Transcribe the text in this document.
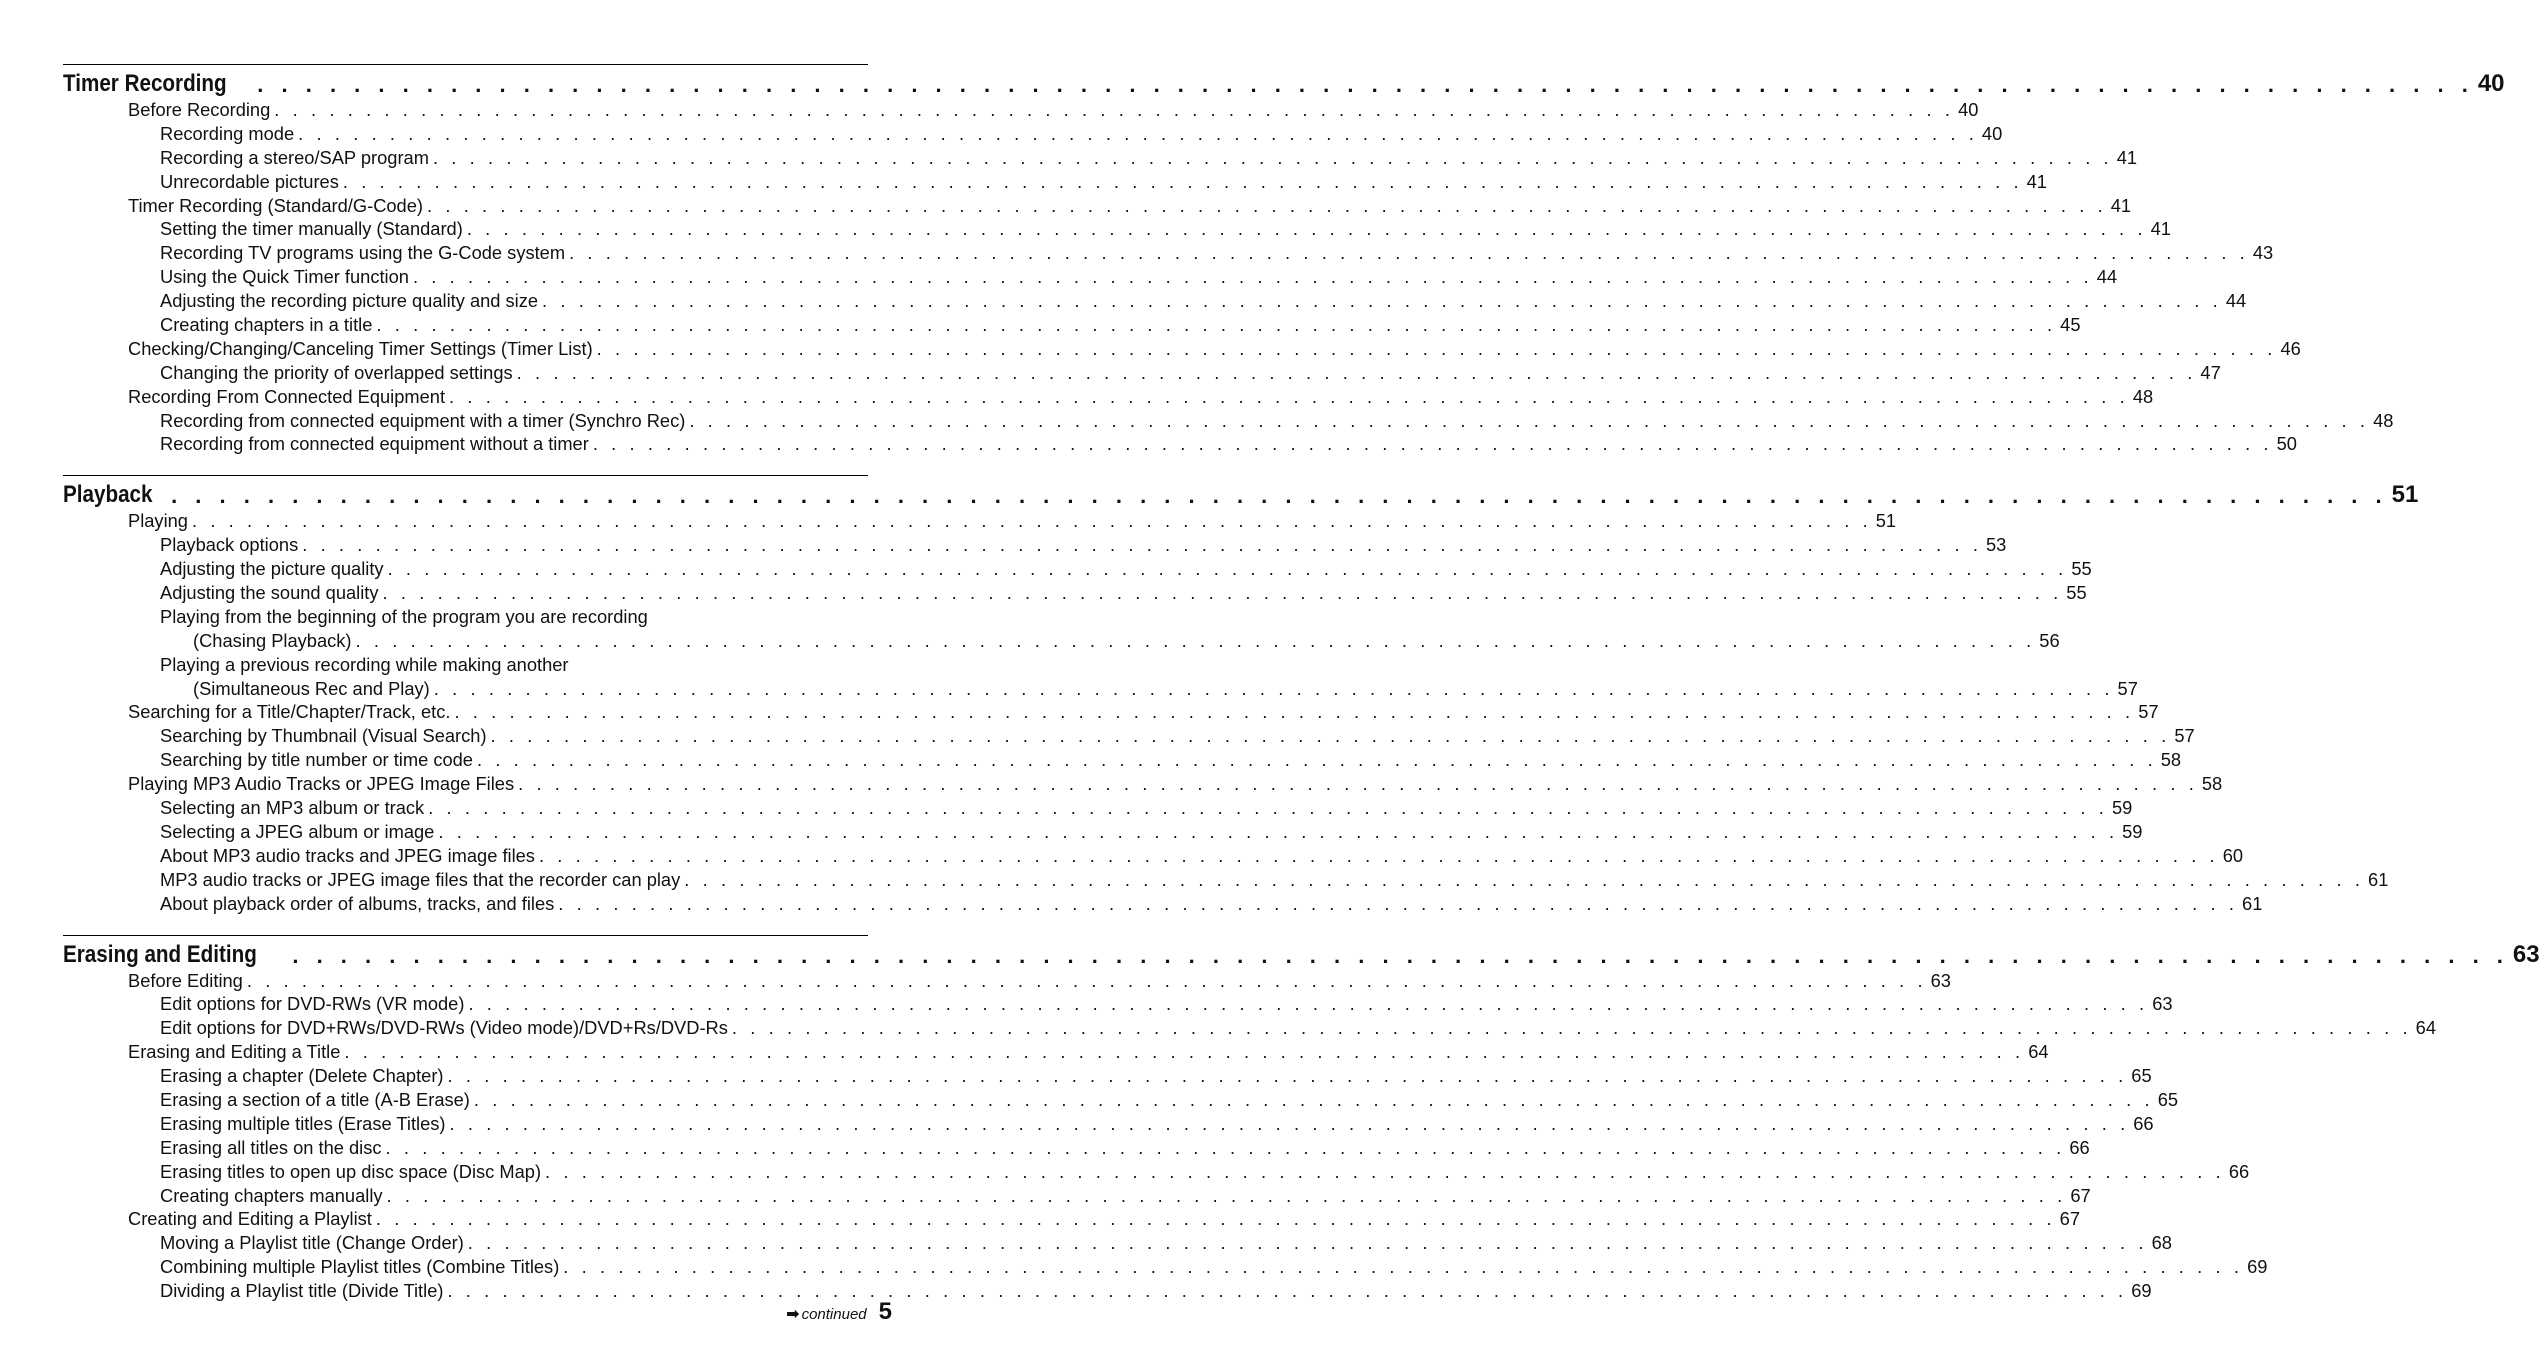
Timer Recording . . . . . . . . . . . . . . . . . . . . . . . . . . . . . . . . . . . . . . . . . . . . . . . . . . . . . . . . . . . . . . . . . . . . . . . . . . . . . . . . . . . . . . . . . . . . 40
Before Recording . . . . . . . . . . . . . . . . . . . . . . . . . . . . . . . . . . . . . . . . . . . . . . . . . . . . . . . . . . . . . . . . . . . . . . . . . . . . . . . . . . . . . . . . . . . . 40
Recording mode . . . . . . . . . . . . . . . . . . . . . . . . . . . . . . . . . . . . . . . . . . . . . . . . . . . . . . . . . . . . . . . . . . . . . . . . . . . . . . . . . . . . . . . . . . . . 40
Recording a stereo/SAP program . . . . . . . . . . . . . . . . . . . . . . . . . . . . . . . . . . . . . . . . . . . . . . . . . . . . . . . . . . . . . . . . . . . . . . . . . . . . . . . . . . . . . . . . . . . . 41
Unrecordable pictures . . . . . . . . . . . . . . . . . . . . . . . . . . . . . . . . . . . . . . . . . . . . . . . . . . . . . . . . . . . . . . . . . . . . . . . . . . . . . . . . . . . . . . . . . . . . 41
Timer Recording (Standard/G-Code) . . . . . . . . . . . . . . . . . . . . . . . . . . . . . . . . . . . . . . . . . . . . . . . . . . . . . . . . . . . . . . . . . . . . . . . . . . . . . . . . . . . . . . . . . . . . 41
Setting the timer manually (Standard) . . . . . . . . . . . . . . . . . . . . . . . . . . . . . . . . . . . . . . . . . . . . . . . . . . . . . . . . . . . . . . . . . . . . . . . . . . . . . . . . . . . . . . . . . . . . 41
Recording TV programs using the G-Code system . . . . . . . . . . . . . . . . . . . . . . . . . . . . . . . . . . . . . . . . . . . . . . . . . . . . . . . . . . . . . . . . . . . . . . . . . . . . . . . . . . . . . . . . . . . . 43
Using the Quick Timer function . . . . . . . . . . . . . . . . . . . . . . . . . . . . . . . . . . . . . . . . . . . . . . . . . . . . . . . . . . . . . . . . . . . . . . . . . . . . . . . . . . . . . . . . . . . . 44
Adjusting the recording picture quality and size . . . . . . . . . . . . . . . . . . . . . . . . . . . . . . . . . . . . . . . . . . . . . . . . . . . . . . . . . . . . . . . . . . . . . . . . . . . . . . . . . . . . . . . . . . . . 44
Creating chapters in a title . . . . . . . . . . . . . . . . . . . . . . . . . . . . . . . . . . . . . . . . . . . . . . . . . . . . . . . . . . . . . . . . . . . . . . . . . . . . . . . . . . . . . . . . . . . . 45
Checking/Changing/Canceling Timer Settings (Timer List) . . . . . . . . . . . . . . . . . . . . . . . . . . . . . . . . . . . . . . . . . . . . . . . . . . . . . . . . . . . . . . . . . . . . . . . . . . . . . . . . . . . . . . . . . . . . 46
Changing the priority of overlapped settings . . . . . . . . . . . . . . . . . . . . . . . . . . . . . . . . . . . . . . . . . . . . . . . . . . . . . . . . . . . . . . . . . . . . . . . . . . . . . . . . . . . . . . . . . . . . 47
Recording From Connected Equipment . . . . . . . . . . . . . . . . . . . . . . . . . . . . . . . . . . . . . . . . . . . . . . . . . . . . . . . . . . . . . . . . . . . . . . . . . . . . . . . . . . . . . . . . . . . . 48
Recording from connected equipment with a timer (Synchro Rec) . . . . . . . . . . . . . . . . . . . . . . . . . . . . . . . . . . . . . . . . . . . . . . . . . . . . . . . . . . . . . . . . . . . . . . . . . . . . . . . . . . . . . . . . . . . . 48
Recording from connected equipment without a timer . . . . . . . . . . . . . . . . . . . . . . . . . . . . . . . . . . . . . . . . . . . . . . . . . . . . . . . . . . . . . . . . . . . . . . . . . . . . . . . . . . . . . . . . . . . . 50
Playback . . . . . . . . . . . . . . . . . . . . . . . . . . . . . . . . . . . . . . . . . . . . . . . . . . . . . . . . . . . . . . . . . . . . . . . . . . . . . . . . . . . . . . . . . . . . 51
Playing . . . . . . . . . . . . . . . . . . . . . . . . . . . . . . . . . . . . . . . . . . . . . . . . . . . . . . . . . . . . . . . . . . . . . . . . . . . . . . . . . . . . . . . . . . . . 51
Playback options . . . . . . . . . . . . . . . . . . . . . . . . . . . . . . . . . . . . . . . . . . . . . . . . . . . . . . . . . . . . . . . . . . . . . . . . . . . . . . . . . . . . . . . . . . . . 53
Adjusting the picture quality . . . . . . . . . . . . . . . . . . . . . . . . . . . . . . . . . . . . . . . . . . . . . . . . . . . . . . . . . . . . . . . . . . . . . . . . . . . . . . . . . . . . . . . . . . . . 55
Adjusting the sound quality . . . . . . . . . . . . . . . . . . . . . . . . . . . . . . . . . . . . . . . . . . . . . . . . . . . . . . . . . . . . . . . . . . . . . . . . . . . . . . . . . . . . . . . . . . . . 55
Playing from the beginning of the program you are recording
(Chasing Playback) . . . . . . . . . . . . . . . . . . . . . . . . . . . . . . . . . . . . . . . . . . . . . . . . . . . . . . . . . . . . . . . . . . . . . . . . . . . . . . . . . . . . . . . . . . . . 56
Playing a previous recording while making another
(Simultaneous Rec and Play) . . . . . . . . . . . . . . . . . . . . . . . . . . . . . . . . . . . . . . . . . . . . . . . . . . . . . . . . . . . . . . . . . . . . . . . . . . . . . . . . . . . . . . . . . . . . 57
Searching for a Title/Chapter/Track, etc. . . . . . . . . . . . . . . . . . . . . . . . . . . . . . . . . . . . . . . . . . . . . . . . . . . . . . . . . . . . . . . . . . . . . . . . . . . . . . . . . . . . . . . . . . . . . 57
Searching by Thumbnail (Visual Search) . . . . . . . . . . . . . . . . . . . . . . . . . . . . . . . . . . . . . . . . . . . . . . . . . . . . . . . . . . . . . . . . . . . . . . . . . . . . . . . . . . . . . . . . . . . . 57
Searching by title number or time code . . . . . . . . . . . . . . . . . . . . . . . . . . . . . . . . . . . . . . . . . . . . . . . . . . . . . . . . . . . . . . . . . . . . . . . . . . . . . . . . . . . . . . . . . . . . 58
Playing MP3 Audio Tracks or JPEG Image Files . . . . . . . . . . . . . . . . . . . . . . . . . . . . . . . . . . . . . . . . . . . . . . . . . . . . . . . . . . . . . . . . . . . . . . . . . . . . . . . . . . . . . . . . . . . . 58
Selecting an MP3 album or track . . . . . . . . . . . . . . . . . . . . . . . . . . . . . . . . . . . . . . . . . . . . . . . . . . . . . . . . . . . . . . . . . . . . . . . . . . . . . . . . . . . . . . . . . . . . 59
Selecting a JPEG album or image . . . . . . . . . . . . . . . . . . . . . . . . . . . . . . . . . . . . . . . . . . . . . . . . . . . . . . . . . . . . . . . . . . . . . . . . . . . . . . . . . . . . . . . . . . . . 59
About MP3 audio tracks and JPEG image files . . . . . . . . . . . . . . . . . . . . . . . . . . . . . . . . . . . . . . . . . . . . . . . . . . . . . . . . . . . . . . . . . . . . . . . . . . . . . . . . . . . . . . . . . . . . 60
MP3 audio tracks or JPEG image files that the recorder can play . . . . . . . . . . . . . . . . . . . . . . . . . . . . . . . . . . . . . . . . . . . . . . . . . . . . . . . . . . . . . . . . . . . . . . . . . . . . . . . . . . . . . . . . . . . . 61
About playback order of albums, tracks, and files . . . . . . . . . . . . . . . . . . . . . . . . . . . . . . . . . . . . . . . . . . . . . . . . . . . . . . . . . . . . . . . . . . . . . . . . . . . . . . . . . . . . . . . . . . . . 61
Erasing and Editing . . . . . . . . . . . . . . . . . . . . . . . . . . . . . . . . . . . . . . . . . . . . . . . . . . . . . . . . . . . . . . . . . . . . . . . . . . . . . . . . . . . . . . . . . . . . 63
Before Editing . . . . . . . . . . . . . . . . . . . . . . . . . . . . . . . . . . . . . . . . . . . . . . . . . . . . . . . . . . . . . . . . . . . . . . . . . . . . . . . . . . . . . . . . . . . . 63
Edit options for DVD-RWs (VR mode) . . . . . . . . . . . . . . . . . . . . . . . . . . . . . . . . . . . . . . . . . . . . . . . . . . . . . . . . . . . . . . . . . . . . . . . . . . . . . . . . . . . . . . . . . . . . 63
Edit options for DVD+RWs/DVD-RWs (Video mode)/DVD+Rs/DVD-Rs . . . . . . . . . . . . . . . . . . . . . . . . . . . . . . . . . . . . . . . . . . . . . . . . . . . . . . . . . . . . . . . . . . . . . . . . . . . . . . . . . . . . . . . . . . . . 64
Erasing and Editing a Title . . . . . . . . . . . . . . . . . . . . . . . . . . . . . . . . . . . . . . . . . . . . . . . . . . . . . . . . . . . . . . . . . . . . . . . . . . . . . . . . . . . . . . . . . . . . 64
Erasing a chapter (Delete Chapter) . . . . . . . . . . . . . . . . . . . . . . . . . . . . . . . . . . . . . . . . . . . . . . . . . . . . . . . . . . . . . . . . . . . . . . . . . . . . . . . . . . . . . . . . . . . . 65
Erasing a section of a title (A-B Erase) . . . . . . . . . . . . . . . . . . . . . . . . . . . . . . . . . . . . . . . . . . . . . . . . . . . . . . . . . . . . . . . . . . . . . . . . . . . . . . . . . . . . . . . . . . . . 65
Erasing multiple titles (Erase Titles) . . . . . . . . . . . . . . . . . . . . . . . . . . . . . . . . . . . . . . . . . . . . . . . . . . . . . . . . . . . . . . . . . . . . . . . . . . . . . . . . . . . . . . . . . . . . 66
Erasing all titles on the disc . . . . . . . . . . . . . . . . . . . . . . . . . . . . . . . . . . . . . . . . . . . . . . . . . . . . . . . . . . . . . . . . . . . . . . . . . . . . . . . . . . . . . . . . . . . . 66
Erasing titles to open up disc space (Disc Map) . . . . . . . . . . . . . . . . . . . . . . . . . . . . . . . . . . . . . . . . . . . . . . . . . . . . . . . . . . . . . . . . . . . . . . . . . . . . . . . . . . . . . . . . . . . . 66
Creating chapters manually . . . . . . . . . . . . . . . . . . . . . . . . . . . . . . . . . . . . . . . . . . . . . . . . . . . . . . . . . . . . . . . . . . . . . . . . . . . . . . . . . . . . . . . . . . . . 67
Creating and Editing a Playlist . . . . . . . . . . . . . . . . . . . . . . . . . . . . . . . . . . . . . . . . . . . . . . . . . . . . . . . . . . . . . . . . . . . . . . . . . . . . . . . . . . . . . . . . . . . . 67
Moving a Playlist title (Change Order) . . . . . . . . . . . . . . . . . . . . . . . . . . . . . . . . . . . . . . . . . . . . . . . . . . . . . . . . . . . . . . . . . . . . . . . . . . . . . . . . . . . . . . . . . . . . 68
Combining multiple Playlist titles (Combine Titles) . . . . . . . . . . . . . . . . . . . . . . . . . . . . . . . . . . . . . . . . . . . . . . . . . . . . . . . . . . . . . . . . . . . . . . . . . . . . . . . . . . . . . . . . . . . . 69
Dividing a Playlist title (Divide Title) . . . . . . . . . . . . . . . . . . . . . . . . . . . . . . . . . . . . . . . . . . . . . . . . . . . . . . . . . . . . . . . . . . . . . . . . . . . . . . . . . . . . . . . . . . . . 69
➡ continued 5
